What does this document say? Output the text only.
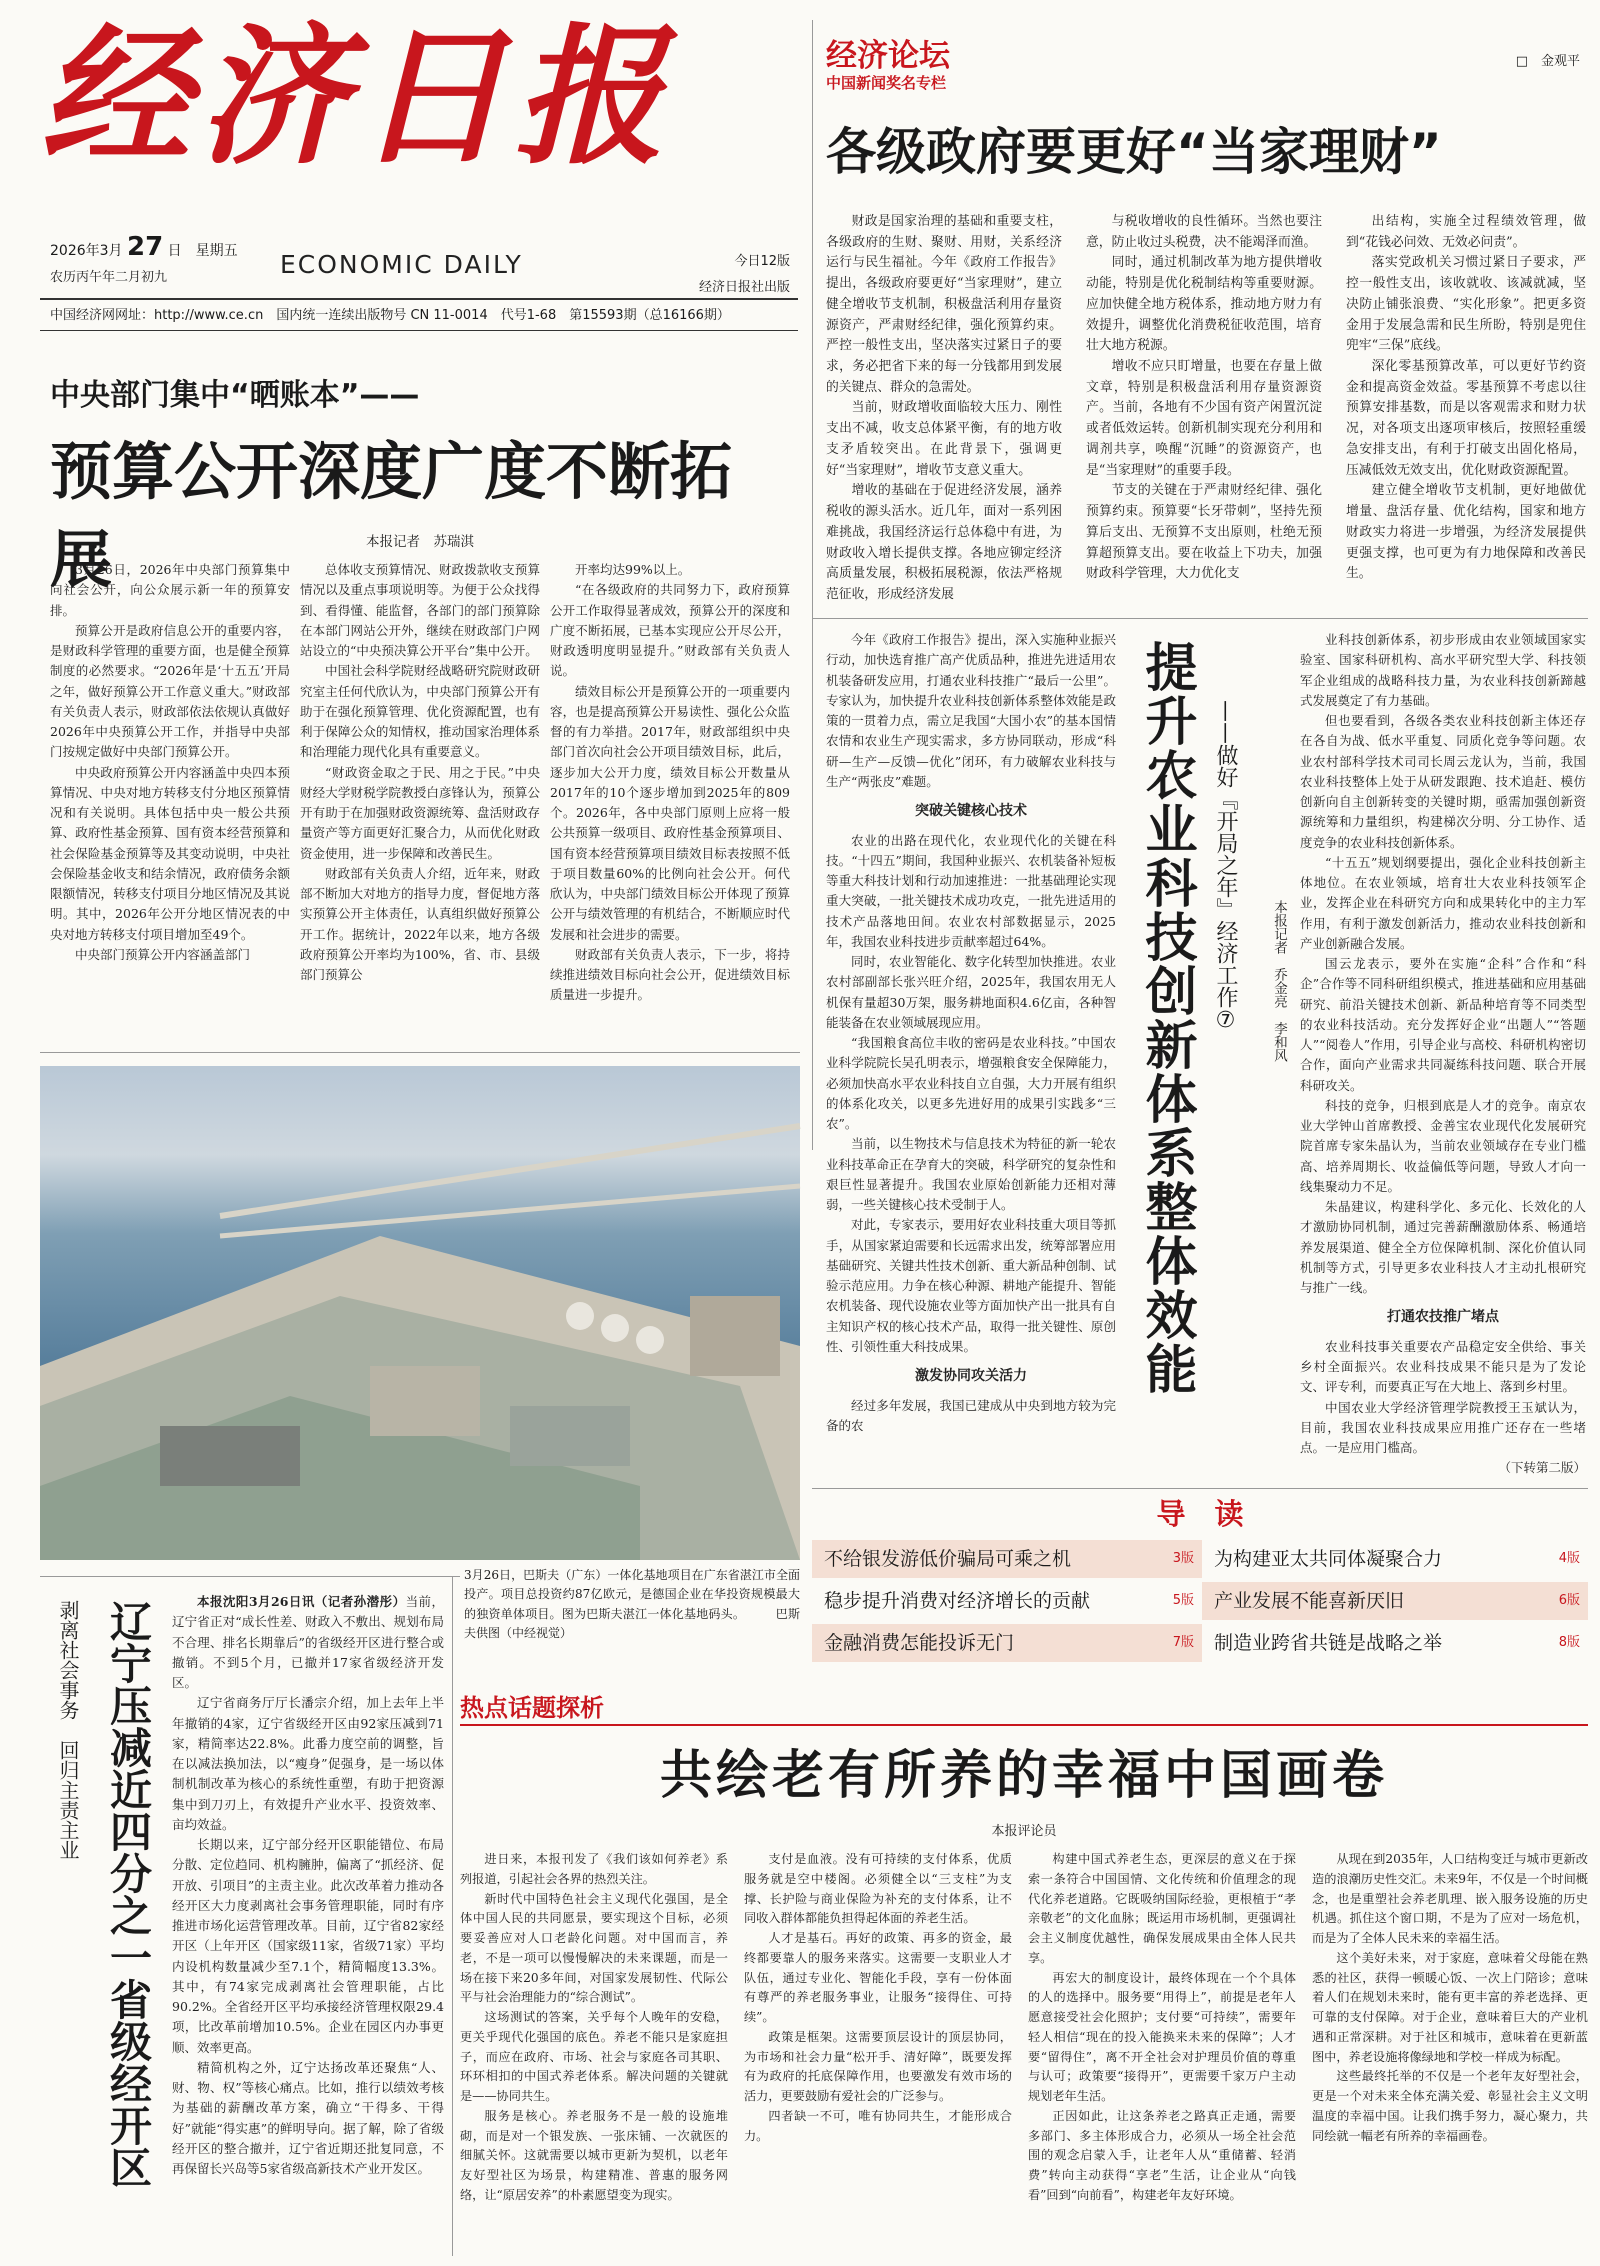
经济日报
2026年3月 27 日　星期五
农历丙午年二月初九	ECONOMIC DAILY	今日12版
经济日报社出版
中国经济网网址：http://www.ce.cn　国内统一连续出版物号 CN 11-0014　代号1-68　第15593期（总16166期）
经济论坛
中国新闻奖名专栏
□　金观平
各级政府要更好“当家理财”

财政是国家治理的基础和重要支柱，各级政府的生财、聚财、用财，关系经济运行与民生福祉。今年《政府工作报告》提出，各级政府要更好“当家理财”，建立健全增收节支机制，积极盘活利用存量资源资产，严肃财经纪律，强化预算约束。严控一般性支出，坚决落实过紧日子的要求，务必把省下来的每一分钱都用到发展的关键点、群众的急需处。

当前，财政增收面临较大压力、刚性支出不减，收支总体紧平衡，有的地方收支矛盾较突出。在此背景下，强调更好“当家理财”，增收节支意义重大。

增收的基础在于促进经济发展，涵养税收的源头活水。近几年，面对一系列困难挑战，我国经济运行总体稳中有进，为财政收入增长提供支撑。各地应铆定经济高质量发展，积极拓展税源，依法严格规范征收，形成经济发展

与税收增收的良性循环。当然也要注意，防止收过头税费，决不能竭泽而渔。

同时，通过机制改革为地方提供增收动能，特别是优化税制结构等重要财源。应加快健全地方税体系，推动地方财力有效提升，调整优化消费税征收范围，培育壮大地方税源。

增收不应只盯增量，也要在存量上做文章，特别是积极盘活利用存量资源资产。当前，各地有不少国有资产闲置沉淀或者低效运转。创新机制实现充分利用和调剂共享，唤醒“沉睡”的资源资产，也是“当家理财”的重要手段。

节支的关键在于严肃财经纪律、强化预算约束。预算要“长牙带刺”，坚持先预算后支出、无预算不支出原则，杜绝无预算超预算支出。要在收益上下功夫，加强财政科学管理，大力优化支

出结构，实施全过程绩效管理，做到“花钱必问效、无效必问责”。

落实党政机关习惯过紧日子要求，严控一般性支出，该收就收、该减就减，坚决防止铺张浪费、“实化形象”。把更多资金用于发展急需和民生所盼，特别是兜住兜牢“三保”底线。

深化零基预算改革，可以更好节约资金和提高资金效益。零基预算不考虑以往预算安排基数，而是以客观需求和财力状况，对各项支出逐项审核后，按照轻重缓急安排支出，有利于打破支出固化格局，压减低效无效支出，优化财政资源配置。

建立健全增收节支机制，更好地做优增量、盘活存量、优化结构，国家和地方财政实力将进一步增强，为经济发展提供更强支撑，也可更为有力地保障和改善民生。

中央部门集中“晒账本”——
预算公开深度广度不断拓展	本报记者　苏瑞淇

3月26日，2026年中央部门预算集中向社会公开，向公众展示新一年的预算安排。

预算公开是政府信息公开的重要内容，是财政科学管理的重要方面，也是健全预算制度的必然要求。“2026年是‘十五五’开局之年，做好预算公开工作意义重大。”财政部有关负责人表示，财政部依法依规认真做好2026年中央预算公开工作，并指导中央部门按规定做好中央部门预算公开。

中央政府预算公开内容涵盖中央四本预算情况、中央对地方转移支付分地区预算情况和有关说明。具体包括中央一般公共预算、政府性基金预算、国有资本经营预算和社会保险基金预算等及其变动说明，中央社会保险基金收支和结余情况，政府债务余额限额情况，转移支付项目分地区情况及其说明。其中，2026年公开分地区情况表的中央对地方转移支付项目增加至49个。

中央部门预算公开内容涵盖部门

总体收支预算情况、财政拨款收支预算情况以及重点事项说明等。为便于公众找得到、看得懂、能监督，各部门的部门预算除在本部门网站公开外，继续在财政部门户网站设立的“中央预决算公开平台”集中公开。

中国社会科学院财经战略研究院财政研究室主任何代欣认为，中央部门预算公开有助于在强化预算管理、优化资源配置，也有利于保障公众的知情权，推动国家治理体系和治理能力现代化具有重要意义。

“财政资金取之于民、用之于民。”中央财经大学财税学院教授白彦锋认为，预算公开有助于在加强财政资源统筹、盘活财政存量资产等方面更好汇聚合力，从而优化财政资金使用，进一步保障和改善民生。

财政部有关负责人介绍，近年来，财政部不断加大对地方的指导力度，督促地方落实预算公开主体责任，认真组织做好预算公开工作。据统计，2022年以来，地方各级政府预算公开率均为100%，省、市、县级部门预算公

开率均达99%以上。

“在各级政府的共同努力下，政府预算公开工作取得显著成效，预算公开的深度和广度不断拓展，已基本实现应公开尽公开，财政透明度明显提升。”财政部有关负责人说。

绩效目标公开是预算公开的一项重要内容，也是提高预算公开易读性、强化公众监督的有力举措。2017年，财政部组织中央部门首次向社会公开项目绩效目标，此后，逐步加大公开力度，绩效目标公开数量从2017年的10个逐步增加到2025年的809个。2026年，各中央部门原则上应将一般公共预算一级项目、政府性基金预算项目、国有资本经营预算项目绩效目标表按照不低于项目数量60%的比例向社会公开。何代欣认为，中央部门绩效目标公开体现了预算公开与绩效管理的有机结合，不断顺应时代发展和社会进步的需要。

财政部有关负责人表示，下一步，将持续推进绩效目标向社会公开，促进绩效目标质量进一步提升。

3月26日，巴斯夫（广东）一体化基地项目在广东省湛江市全面投产。项目总投资约87亿欧元，是德国企业在华投资规模最大的独资单体项目。图为巴斯夫湛江一体化基地码头。　　　巴斯夫供图（中经视觉）

今年《政府工作报告》提出，深入实施种业振兴行动，加快选育推广高产优质品种，推进先进适用农机装备研发应用，打通农业科技推广“最后一公里”。专家认为，加快提升农业科技创新体系整体效能是政策的一贯着力点，需立足我国“大国小农”的基本国情农情和农业生产现实需求，多方协同联动，形成“科研—生产—反馈—优化”闭环，有力破解农业科技与生产“两张皮”难题。

突破关键核心技术

农业的出路在现代化，农业现代化的关键在科技。“十四五”期间，我国种业振兴、农机装备补短板等重大科技计划和行动加速推进：一批基础理论实现重大突破，一批关键技术成功攻克，一批先进适用的技术产品落地田间。农业农村部数据显示，2025年，我国农业科技进步贡献率超过64%。

同时，农业智能化、数字化转型加快推进。农业农村部副部长张兴旺介绍，2025年，我国农用无人机保有量超30万架，服务耕地面积4.6亿亩，各种智能装备在农业领域展现应用。

“我国粮食高位丰收的密码是农业科技。”中国农业科学院院长吴孔明表示，增强粮食安全保障能力，必须加快高水平农业科技自立自强，大力开展有组织的体系化攻关，以更多先进好用的成果引实践多“三农”。

当前，以生物技术与信息技术为特征的新一轮农业科技革命正在孕育大的突破，科学研究的复杂性和艰巨性显著提升。我国农业原始创新能力还相对薄弱，一些关键核心技术受制于人。

对此，专家表示，要用好农业科技重大项目等抓手，从国家紧迫需要和长远需求出发，统筹部署应用基础研究、关键共性技术创新、重大新品种创制、试验示范应用。力争在核心种源、耕地产能提升、智能农机装备、现代设施农业等方面加快产出一批具有自主知识产权的核心技术产品，取得一批关键性、原创性、引领性重大科技成果。

激发协同攻关活力

经过多年发展，我国已建成从中央到地方较为完备的农

提升农业科技创新体系整体效能 ——做好『开局之年』经济工作⑦	本报记者　乔金亮　李和风

业科技创新体系，初步形成由农业领域国家实验室、国家科研机构、高水平研究型大学、科技领军企业组成的战略科技力量，为农业科技创新蹄越式发展奠定了有力基础。

但也要看到，各级各类农业科技创新主体还存在各自为战、低水平重复、同质化竞争等问题。农业农村部科学技术司司长周云龙认为，当前，我国农业科技整体上处于从研发跟跑、技术追赶、模仿创新向自主创新转变的关键时期，亟需加强创新资源统筹和力量组织，构建梯次分明、分工协作、适度竞争的农业科技创新体系。

“十五五”规划纲要提出，强化企业科技创新主体地位。在农业领域，培育壮大农业科技领军企业，发挥企业在科研究方向和成果转化中的主力军作用，有利于激发创新活力，推动农业科技创新和产业创新融合发展。

国云龙表示，要外在实施“企科”合作和“科企”合作等不同科研组织模式，推进基础和应用基础研究、前沿关键技术创新、新品种培育等不同类型的农业科技活动。充分发挥好企业“出题人”“答题人”“阅卷人”作用，引导企业与高校、科研机构密切合作，面向产业需求共同凝练科技问题、联合开展科研攻关。

科技的竞争，归根到底是人才的竞争。南京农业大学钟山首席教授、金善宝农业现代化发展研究院首席专家朱晶认为，当前农业领域存在专业门槛高、培养周期长、收益偏低等问题，导致人才向一线集聚动力不足。

朱晶建议，构建科学化、多元化、长效化的人才激励协同机制，通过完善薪酬激励体系、畅通培养发展渠道、健全全方位保障机制、深化价值认同机制等方式，引导更多农业科技人才主动扎根研究与推广一线。

打通农技推广堵点

农业科技事关重要农产品稳定安全供给、事关乡村全面振兴。农业科技成果不能只是为了发论文、评专利，而要真正写在大地上、落到乡村里。

中国农业大学经济管理学院教授王玉斌认为，目前，我国农业科技成果应用推广还存在一些堵点。一是应用门槛高。

（下转第二版）
导　读
不给银发游低价骗局可乘之机	3版	为构建亚太共同体凝聚合力	4版
稳步提升消费对经济增长的贡献	5版	产业发展不能喜新厌旧	6版
金融消费怎能投诉无门	7版	制造业跨省共链是战略之举	8版
剥离社会事务　回归主责主业 辽宁压减近四分之一省级经开区	本报沈阳3月26日讯（记者孙潜彤）当前，辽宁省正对“成长性差、财政入不敷出、规划布局不合理、排名长期靠后”的省级经开区进行整合或撤销。不到5个月，已撤并17家省级经济开发区。

辽宁省商务厅厅长潘宗介绍，加上去年上半年撤销的4家，辽宁省级经开区由92家压减到71家，精简率达22.8%。此番力度空前的调整，旨在以减法换加法，以“瘦身”促强身，是一场以体制机制改革为核心的系统性重塑，有助于把资源集中到刀刃上，有效提升产业水平、投资效率、亩均效益。

长期以来，辽宁部分经开区职能错位、布局分散、定位趋同、机构臃肿，偏离了“抓经济、促开放、引项目”的主责主业。此次改革着力推动各经开区大力度剥离社会事务管理职能，同时有序推进市场化运营管理改革。目前，辽宁省82家经开区（上年开区（国家级11家，省级71家）平均内设机构数量减少至7.1个，精简幅度13.3%。其中，有74家完成剥离社会管理职能，占比90.2%。全省经开区平均承接经济管理权限29.4项，比改革前增加10.5%。企业在园区内办事更顺、效率更高。

精简机构之外，辽宁达扬改革还聚焦“人、财、物、权”等核心痛点。比如，推行以绩效考核为基础的薪酬改革方案，确立“干得多、干得好”就能“得实惠”的鲜明导向。据了解，除了省级经开区的整合撤并，辽宁省近期还批复同意，不再保留长兴岛等5家省级高新技术产业开发区。

热点话题探析
共绘老有所养的幸福中国画卷
本报评论员

进日来，本报刊发了《我们该如何养老》系列报道，引起社会各界的热烈关注。

新时代中国特色社会主义现代化强国，是全体中国人民的共同愿景，要实现这个目标，必须要妥善应对人口老龄化问题。对中国而言，养老，不是一项可以慢慢解决的未来课题，而是一场在接下来20多年间，对国家发展韧性、代际公平与社会治理能力的“综合测试”。

这场测试的答案，关乎每个人晚年的安稳，更关乎现代化强国的底色。养老不能只是家庭担子，而应在政府、市场、社会与家庭各司其职、环环相扣的中国式养老体系。解决问题的关键就是——协同共生。

服务是核心。养老服务不是一般的设施堆砌，而是对一个银发族、一张床铺、一次就医的细腻关怀。这就需要以城市更新为契机，以老年友好型社区为场景，构建精准、普惠的服务网络，让“原居安养”的朴素愿望变为现实。

支付是血液。没有可持续的支付体系，优质服务就是空中楼阁。必须健全以“三支柱”为支撑、长护险与商业保险为补充的支付体系，让不同收入群体都能负担得起体面的养老生活。

人才是基石。再好的政策、再多的资金，最终都要靠人的服务来落实。这需要一支职业人才队伍，通过专业化、智能化手段，享有一份体面有尊严的养老服务事业，让服务“接得住、可持续”。

政策是框架。这需要顶层设计的顶层协同，为市场和社会力量“松开手、清好障”，既要发挥有为政府的托底保障作用，也要激发有效市场的活力，更要鼓励有爱社会的广泛参与。

四者缺一不可，唯有协同共生，才能形成合力。

构建中国式养老生态，更深层的意义在于探索一条符合中国国情、文化传统和价值理念的现代化养老道路。它既吸纳国际经验，更根植于“孝亲敬老”的文化血脉；既运用市场机制，更强调社会主义制度优越性，确保发展成果由全体人民共享。

再宏大的制度设计，最终体现在一个个具体的人的选择中。服务要“用得上”，前提是老年人愿意接受社会化照护；支付要“可持续”，需要年轻人相信“现在的投入能换来未来的保障”；人才要“留得住”，离不开全社会对护理员价值的尊重与认可；政策要“接得开”，更需要千家万户主动规划老年生活。

正因如此，让这条养老之路真正走通，需要多部门、多主体形成合力，必须从一场全社会范围的观念启蒙入手，让老年人从“重储蓄、轻消费”转向主动获得“享老”生活，让企业从“向钱看”回到“向前看”，构建老年友好环境。

从现在到2035年，人口结构变迁与城市更新改造的浪潮历史性交汇。未来9年，不仅是一个时间概念，也是重塑社会养老肌理、嵌入服务设施的历史机遇。抓住这个窗口期，不是为了应对一场危机，而是为了全体人民未来的幸福生活。

这个美好未来，对于家庭，意味着父母能在熟悉的社区，获得一顿暖心饭、一次上门陪诊；意味着人们在规划未来时，能有更丰富的养老选择、更可靠的支付保障。对于企业，意味着巨大的产业机遇和正常深耕。对于社区和城市，意味着在更新蓝图中，养老设施将像绿地和学校一样成为标配。

这些最终托举的不仅是一个老年友好型社会，更是一个对未来全体充满关爱、彰显社会主义文明温度的幸福中国。让我们携手努力，凝心聚力，共同绘就一幅老有所养的幸福画卷。
